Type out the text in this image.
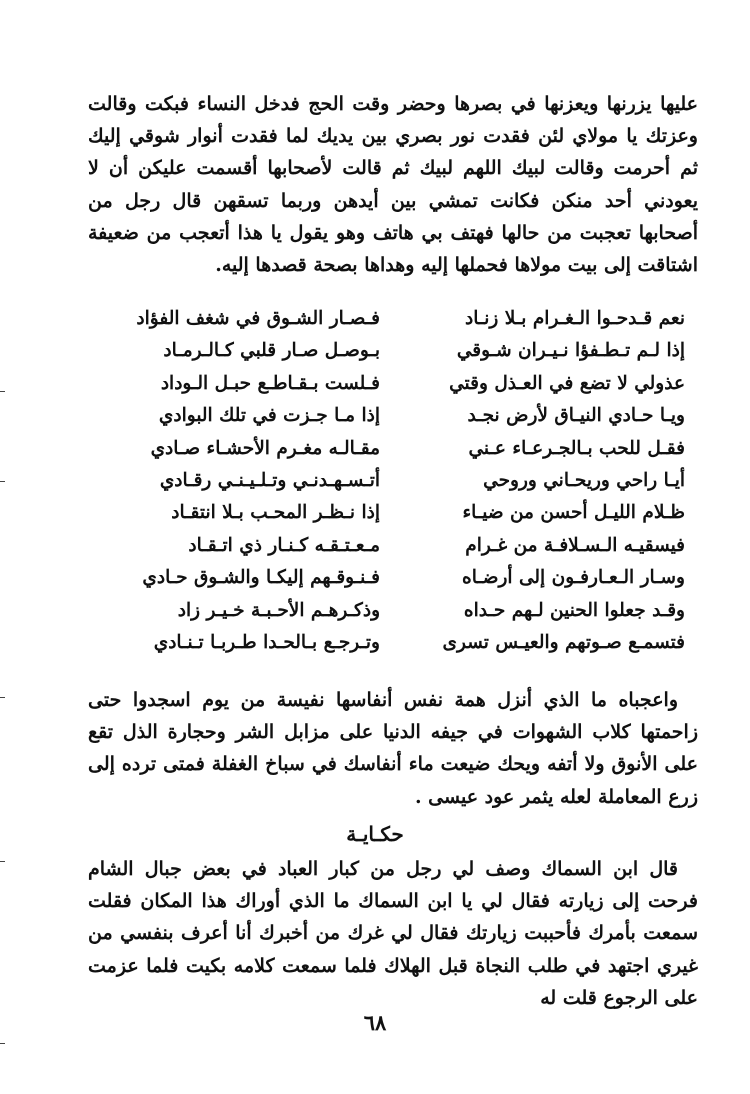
عليها يزرنها ويعزنها في بصرها وحضر وقت الحج فدخل النساء فبكت وقالت وعزتك يا مولاي لئن فقدت نور بصري بين يديك لما فقدت أنوار شوقي إليك ثم أحرمت وقالت لبيك اللهم لبيك ثم قالت لأصحابها أقسمت عليكن أن لا يعودني أحد منكن فكانت تمشي بين أيدهن وربما تسقهن قال رجل من أصحابها تعجبت من حالها فهتف بي هاتف وهو يقول يا هذا أتعجب من ضعيفة اشتاقت إلى بيت مولاها فحملها إليه وهداها بصحة قصدها إليه.

نعم قـدحـوا الـغـرام بـلا زنـاد
فـصـار الشـوق في شغف الفؤاد
إذا لـم تـطـفؤا نـيـران شـوقي
بـوصـل صـار قلبي كـالـرمـاد
عذولي لا تضع في العـذل وقتي
فـلست بـقـاطـع حبـل الـوداد
ويـا حـادي النيـاق لأرض نجـد
إذا مـا جـزت في تلك البوادي
فقـل للحب بـالجـرعـاء عـني
مقـالـه مغـرم الأحشـاء صـادي
أيـا راحي وريحـاني وروحي
أتـسـهـدنـي وتـلـيـنـي رقـادي
ظـلام الليـل أحسن من ضيـاء
إذا نـظـر المحـب بـلا انتقـاد
فيسقيـه الـسـلافـة من غـرام
مـعـتـقـه كـنـار ذي اتـقـاد
وسـار الـعـارفـون إلى أرضـاه
فـنـوقـهم إليكـا والشـوق حـادي
وقـد جعلوا الحنين لـهم حـداه
وذكـرهـم الأحـبـة خـيـر زاد
فتسمـع صـوتهم والعيـس تسرى
وتـرجـع بـالحـدا طـربـا تـنـادي

واعجباه ما الذي أنزل همة نفس أنفاسها نفيسة من يوم اسجدوا حتى زاحمتها كلاب الشهوات في جيفه الدنيا على مزابل الشر وحجارة الذل تقع على الأنوق ولا أتفه ويحك ضيعت ماء أنفاسك في سباخ الغفلة فمتى ترده إلى زرع المعاملة لعله يثمر عود عيسى .

حكـايـة

قال ابن السماك وصف لي رجل من كبار العباد في بعض جبال الشام فرحت إلى زيارته فقال لي يا ابن السماك ما الذي أوراك هذا المكان فقلت سمعت بأمرك فأحببت زيارتك فقال لي غرك من أخبرك أنا أعرف بنفسي من غيري اجتهد في طلب النجاة قبل الهلاك فلما سمعت كلامه بكيت فلما عزمت على الرجوع قلت له

٦٨
